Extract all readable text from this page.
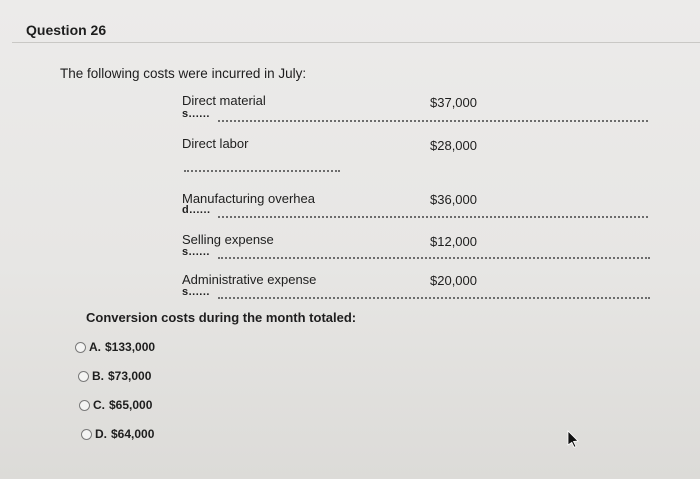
Question 26
The following costs were incurred in July:
Direct material	$37,000
s......
Direct labor	$28,000
Manufacturing overhea	$36,000
d......
Selling expense	$12,000
s......
Administrative expense	$20,000
s......
Conversion costs during the month totaled:
A. $133,000
B. $73,000
C. $65,000
D. $64,000
